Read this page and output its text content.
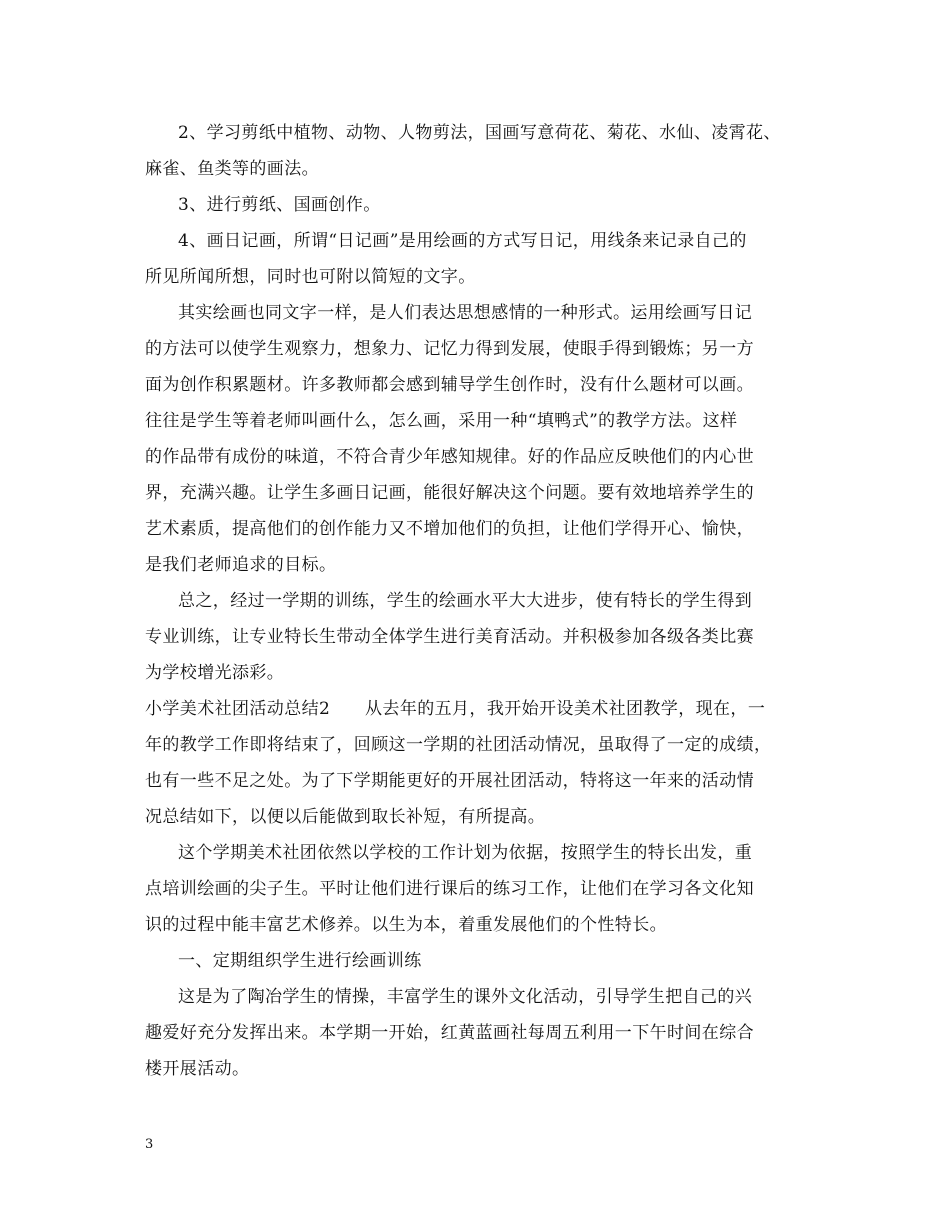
2、学习剪纸中植物、动物、人物剪法，国画写意荷花、菊花、水仙、凌霄花、
麻雀、鱼类等的画法。
3、进行剪纸、国画创作。
4、画日记画，所谓“日记画”是用绘画的方式写日记，用线条来记录自己的
所见所闻所想，同时也可附以简短的文字。
其实绘画也同文字一样，是人们表达思想感情的一种形式。运用绘画写日记
的方法可以使学生观察力，想象力、记忆力得到发展，使眼手得到锻炼；另一方
面为创作积累题材。许多教师都会感到辅导学生创作时，没有什么题材可以画。
往往是学生等着老师叫画什么，怎么画，采用一种“填鸭式”的教学方法。这样
的作品带有成份的味道，不符合青少年感知规律。好的作品应反映他们的内心世
界，充满兴趣。让学生多画日记画，能很好解决这个问题。要有效地培养学生的
艺术素质，提高他们的创作能力又不增加他们的负担，让他们学得开心、愉快，
是我们老师追求的目标。
总之，经过一学期的训练，学生的绘画水平大大进步，使有特长的学生得到
专业训练，让专业特长生带动全体学生进行美育活动。并积极参加各级各类比赛
为学校增光添彩。
小学美术社团活动总结2　　从去年的五月，我开始开设美术社团教学，现在，一
年的教学工作即将结束了，回顾这一学期的社团活动情况，虽取得了一定的成绩，
也有一些不足之处。为了下学期能更好的开展社团活动，特将这一年来的活动情
况总结如下，以便以后能做到取长补短，有所提高。
这个学期美术社团依然以学校的工作计划为依据，按照学生的特长出发，重
点培训绘画的尖子生。平时让他们进行课后的练习工作，让他们在学习各文化知
识的过程中能丰富艺术修养。以生为本，着重发展他们的个性特长。
一、定期组织学生进行绘画训练
这是为了陶冶学生的情操，丰富学生的课外文化活动，引导学生把自己的兴
趣爱好充分发挥出来。本学期一开始，红黄蓝画社每周五利用一下午时间在综合
楼开展活动。
3
